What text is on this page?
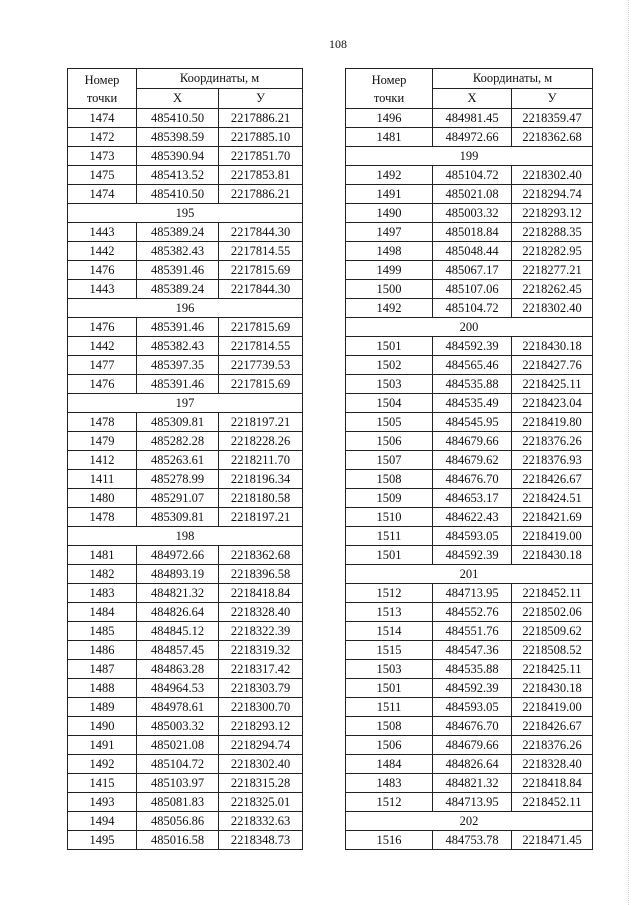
108
Номер точки	Координаты, м	
	X	У
1474	485410.50	2217886.21
1472	485398.59	2217885.10
1473	485390.94	2217851.70
1475	485413.52	2217853.81
1474	485410.50	2217886.21
195		
1443	485389.24	2217844.30
1442	485382.43	2217814.55
1476	485391.46	2217815.69
1443	485389.24	2217844.30
196		
1476	485391.46	2217815.69
1442	485382.43	2217814.55
1477	485397.35	2217739.53
1476	485391.46	2217815.69
197		
1478	485309.81	2218197.21
1479	485282.28	2218228.26
1412	485263.61	2218211.70
1411	485278.99	2218196.34
1480	485291.07	2218180.58
1478	485309.81	2218197.21
198		
1481	484972.66	2218362.68
1482	484893.19	2218396.58
1483	484821.32	2218418.84
1484	484826.64	2218328.40
1485	484845.12	2218322.39
1486	484857.45	2218319.32
1487	484863.28	2218317.42
1488	484964.53	2218303.79
1489	484978.61	2218300.70
1490	485003.32	2218293.12
1491	485021.08	2218294.74
1492	485104.72	2218302.40
1415	485103.97	2218315.28
1493	485081.83	2218325.01
1494	485056.86	2218332.63
1495	485016.58	2218348.73
Номер точки	Координаты, м	
	X	У
1496	484981.45	2218359.47
1481	484972.66	2218362.68
199		
1492	485104.72	2218302.40
1491	485021.08	2218294.74
1490	485003.32	2218293.12
1497	485018.84	2218288.35
1498	485048.44	2218282.95
1499	485067.17	2218277.21
1500	485107.06	2218262.45
1492	485104.72	2218302.40
200		
1501	484592.39	2218430.18
1502	484565.46	2218427.76
1503	484535.88	2218425.11
1504	484535.49	2218423.04
1505	484545.95	2218419.80
1506	484679.66	2218376.26
1507	484679.62	2218376.93
1508	484676.70	2218426.67
1509	484653.17	2218424.51
1510	484622.43	2218421.69
1511	484593.05	2218419.00
1501	484592.39	2218430.18
201		
1512	484713.95	2218452.11
1513	484552.76	2218502.06
1514	484551.76	2218509.62
1515	484547.36	2218508.52
1503	484535.88	2218425.11
1501	484592.39	2218430.18
1511	484593.05	2218419.00
1508	484676.70	2218426.67
1506	484679.66	2218376.26
1484	484826.64	2218328.40
1483	484821.32	2218418.84
1512	484713.95	2218452.11
202		
1516	484753.78	2218471.45
